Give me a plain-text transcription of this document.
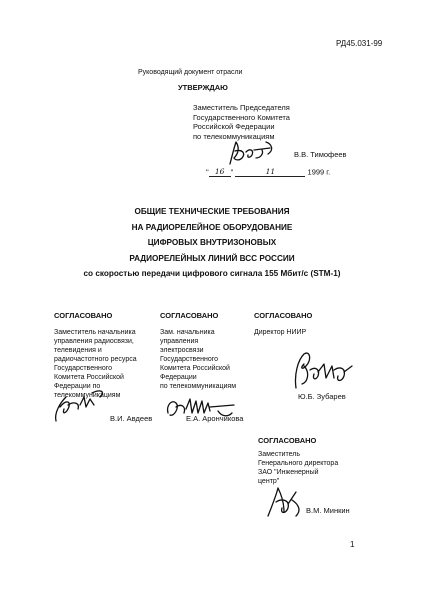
РД45.031-99
Руководящий документ отрасли
УТВЕРЖДАЮ
Заместитель Председателя
Государственного Комитета
Российской Федерации
по телекоммуникациям
В.В. Тимофеев
" 16 "	11	1999 г.
ОБЩИЕ ТЕХНИЧЕСКИЕ ТРЕБОВАНИЯ
НА РАДИОРЕЛЕЙНОЕ ОБОРУДОВАНИЕ
ЦИФРОВЫХ ВНУТРИЗОНОВЫХ
РАДИОРЕЛЕЙНЫХ ЛИНИЙ ВСС РОССИИ
со скоростью передачи цифрового сигнала 155 Мбит/с (STM-1)
СОГЛАСОВАНО
Заместитель начальника
управления радиосвязи,
телевидения и
радиочастотного ресурса
Государственного
Комитета Российской
Федерации по
телекоммуникациям
В.И. Авдеев
СОГЛАСОВАНО
Зам. начальника
управления
электросвязи
Государственного
Комитета Российской
Федерации
по телекоммуникациям
Е.А. Арончикова
СОГЛАСОВАНО
Директор НИИР
Ю.Б. Зубарев
СОГЛАСОВАНО
Заместитель
Генерального директора
ЗАО "Инженерный
центр"
В.М. Минкин
1
